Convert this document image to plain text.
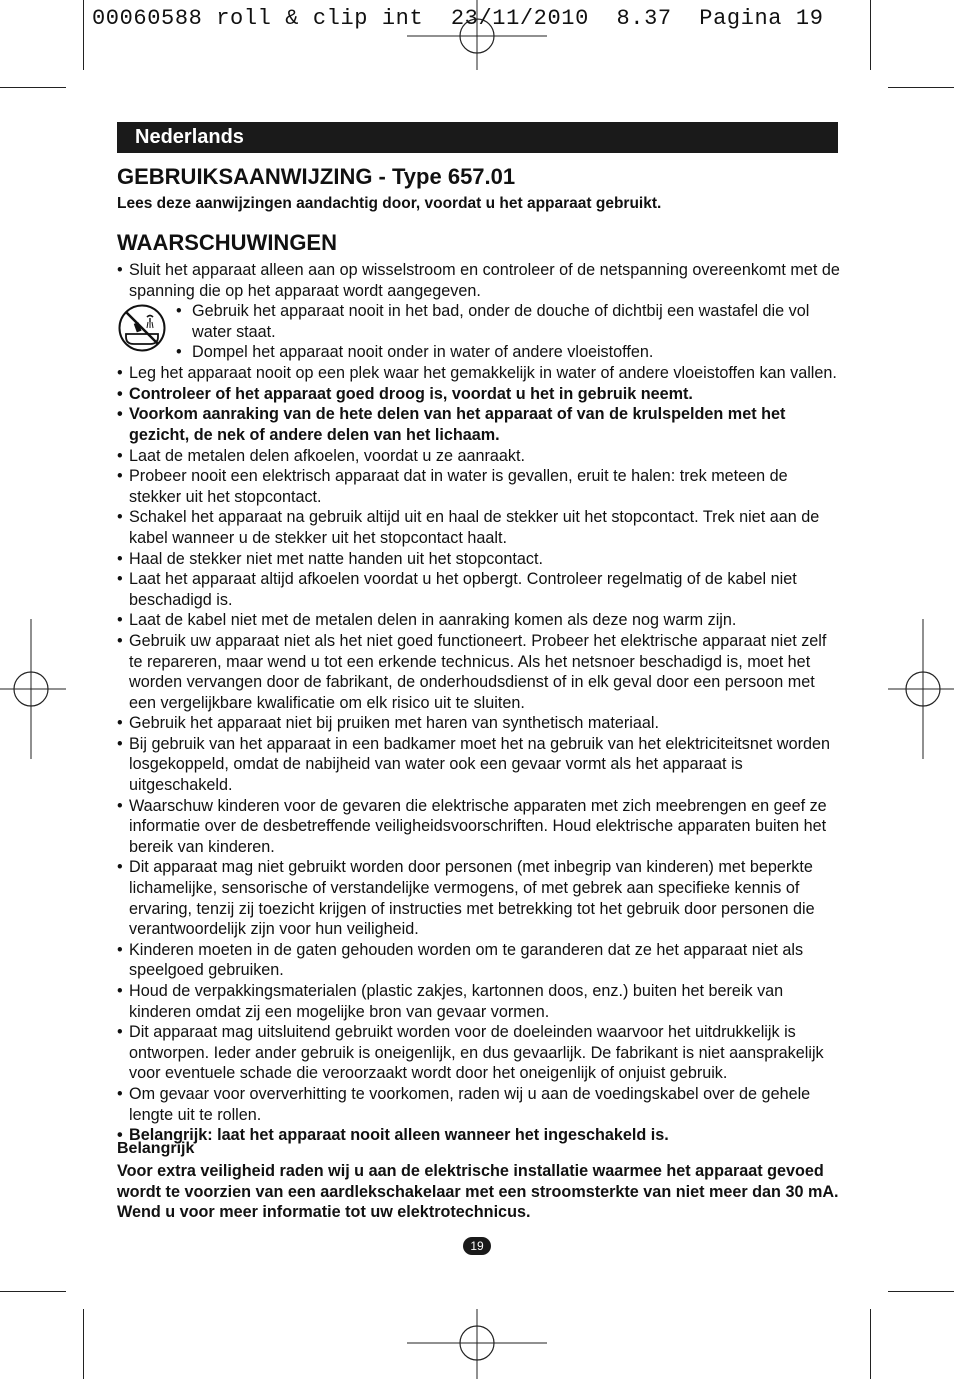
00060588 roll & clip int  23/11/2010  8.37  Pagina 19
Nederlands
GEBRUIKSAANWIJZING - Type 657.01
Lees deze aanwijzingen aandachtig door, voordat u het apparaat gebruikt.
WAARSCHUWINGEN
• Sluit het apparaat alleen aan op wisselstroom en controleer of de netspanning overeenkomt met de spanning die op het apparaat wordt aangegeven.
• Gebruik het apparaat nooit in het bad, onder de douche of dichtbij een wastafel die vol water staat.
• Dompel het apparaat nooit onder in water of andere vloeistoffen.
• Leg het apparaat nooit op een plek waar het gemakkelijk in water of andere vloeistoffen kan vallen.
• Controleer of het apparaat goed droog is, voordat u het in gebruik neemt.
• Voorkom aanraking van de hete delen van het apparaat of van de krulspelden met het gezicht, de nek of andere delen van het lichaam.
• Laat de metalen delen afkoelen, voordat u ze aanraakt.
• Probeer nooit een elektrisch apparaat dat in water is gevallen, eruit te halen: trek meteen de stekker uit het stopcontact.
• Schakel het apparaat na gebruik altijd uit en haal de stekker uit het stopcontact. Trek niet aan de kabel wanneer u de stekker uit het stopcontact haalt.
• Haal de stekker niet met natte handen uit het stopcontact.
• Laat het apparaat altijd afkoelen voordat u het opbergt. Controleer regelmatig of de kabel niet beschadigd is.
• Laat de kabel niet met de metalen delen in aanraking komen als deze nog warm zijn.
• Gebruik uw apparaat niet als het niet goed functioneert. Probeer het elektrische apparaat niet zelf te repareren, maar wend u tot een erkende technicus. Als het netsnoer beschadigd is, moet het worden vervangen door de fabrikant, de onderhoudsdienst of in elk geval door een persoon met een vergelijkbare kwalificatie om elk risico uit te sluiten.
• Gebruik het apparaat niet bij pruiken met haren van synthetisch materiaal.
• Bij gebruik van het apparaat in een badkamer moet het na gebruik van het elektriciteitsnet worden losgekoppeld, omdat de nabijheid van water ook een gevaar vormt als het apparaat is uitgeschakeld.
• Waarschuw kinderen voor de gevaren die elektrische apparaten met zich meebrengen en geef ze informatie over de desbetreffende veiligheidsvoorschriften. Houd elektrische apparaten buiten het bereik van kinderen.
• Dit apparaat mag niet gebruikt worden door personen (met inbegrip van kinderen) met beperkte lichamelijke, sensorische of verstandelijke vermogens, of met gebrek aan specifieke kennis of ervaring, tenzij zij toezicht krijgen of instructies met betrekking tot het gebruik door personen die verantwoordelijk zijn voor hun veiligheid.
• Kinderen moeten in de gaten gehouden worden om te garanderen dat ze het apparaat niet als speelgoed gebruiken.
• Houd de verpakkingsmaterialen (plastic zakjes, kartonnen doos, enz.) buiten het bereik van kinderen omdat zij een mogelijke bron van gevaar vormen.
• Dit apparaat mag uitsluitend gebruikt worden voor de doeleinden waarvoor het uitdrukkelijk is ontworpen. Ieder ander gebruik is oneigenlijk, en dus gevaarlijk. De fabrikant is niet aansprakelijk voor eventuele schade die veroorzaakt wordt door het oneigenlijk of onjuist gebruik.
• Om gevaar voor oververhitting te voorkomen, raden wij u aan de voedingskabel over de gehele lengte uit te rollen.
• Belangrijk: laat het apparaat nooit alleen wanneer het ingeschakeld is.
Belangrijk
Voor extra veiligheid raden wij u aan de elektrische installatie waarmee het apparaat gevoed wordt te voorzien van een aardlekschakelaar met een stroomsterkte van niet meer dan 30 mA. Wend u voor meer informatie tot uw elektrotechnicus.
19
